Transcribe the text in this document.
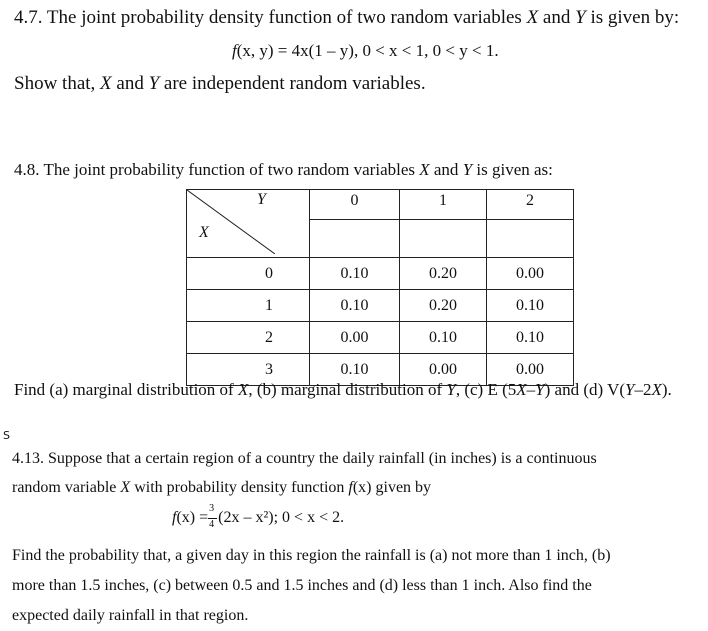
4.7. The joint probability density function of two random variables X and Y is given by:
f(x, y) = 4x(1 – y), 0 < x < 1, 0 < y < 1.
Show that, X and Y are independent random variables.
4.8. The joint probability function of two random variables X and Y is given as:
Y
X	0	1	2

0	0.10	0.20	0.00
1	0.10	0.20	0.10
2	0.00	0.10	0.10
3	0.10	0.00	0.00
Find (a) marginal distribution of X, (b) marginal distribution of Y, (c) E (5X–Y) and (d) V(Y–2X).
S
4.13. Suppose that a certain region of a country the daily rainfall (in inches) is a continuous
random variable X with probability density function f(x) given by
$f(x) = \frac{3}{4} (2x - x^2)$; 0 < x < 2.
Find the probability that, a given day in this region the rainfall is (a) not more than 1 inch, (b)
more than 1.5 inches, (c) between 0.5 and 1.5 inches and (d) less than 1 inch. Also find the
expected daily rainfall in that region.
